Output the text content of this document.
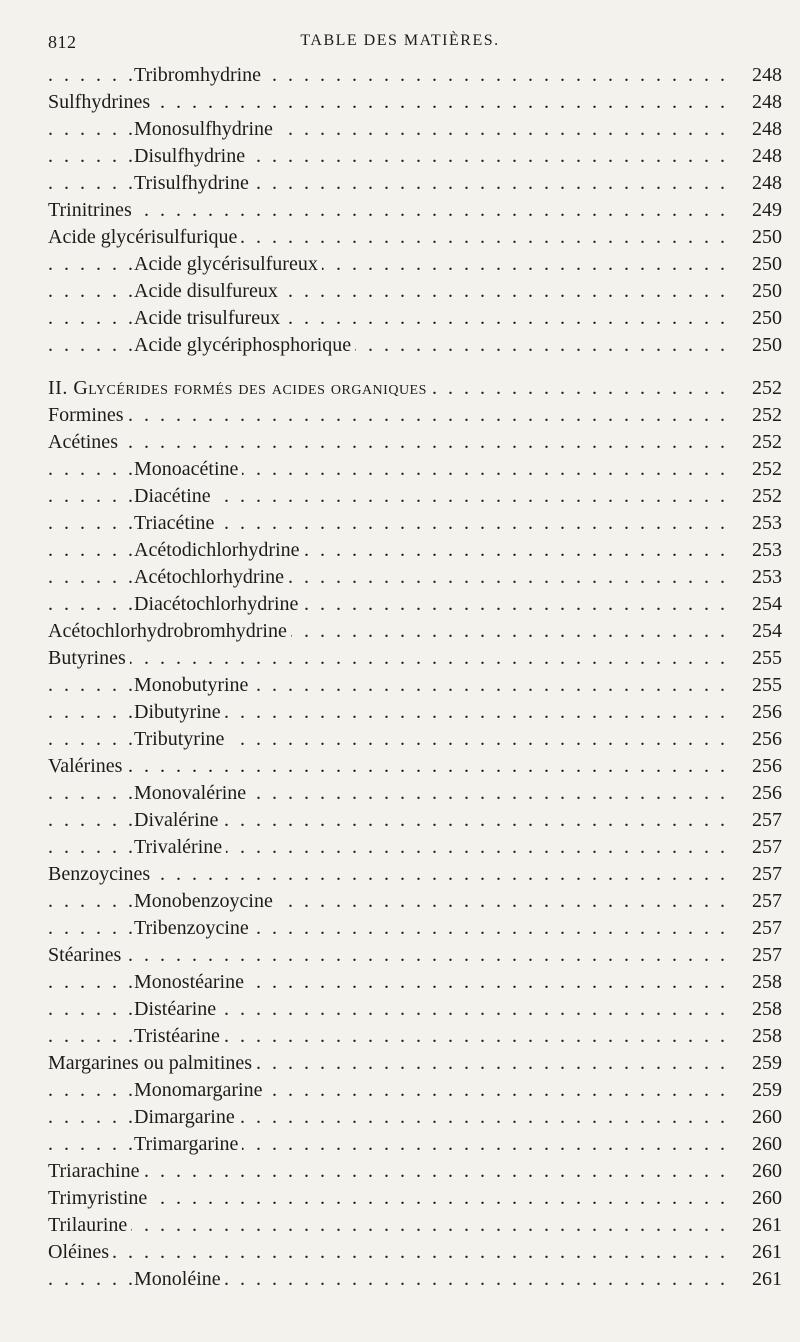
812	TABLE DES MATIÈRES.
Tribromhydrine	248
. . .
Sulfhydrines	248
. . .
Monosulfhydrine	248
. . .
Disulfhydrine	248
. . .
Trisulfhydrine	248
. . .
Trinitrines	249
. . .
Acide glycérisulfurique	250
. . .
Acide glycérisulfureux	250
. . .
Acide disulfureux	250
. . .
Acide trisulfureux	250
. . .
Acide glycériphosphorique	250
. . .
II. Glycérides formés des acides organiques	252
. . .
Formines	252
. . .
Acétines	252
. . .
Monoacétine	252
. . .
Diacétine	252
. . .
Triacétine	253
. . .
Acétodichlorhydrine	253
. . .
Acétochlorhydrine	253
. . .
Diacétochlorhydrine	254
. . .
Acétochlorhydrobromhydrine	254
. . .
Butyrines	255
. . .
Monobutyrine	255
. . .
Dibutyrine	256
. . .
Tributyrine	256
. . .
Valérines	256
. . .
Monovalérine	256
. . .
Divalérine	257
. . .
Trivalérine	257
. . .
Benzoycines	257
. . .
Monobenzoycine	257
. . .
Tribenzoycine	257
. . .
Stéarines	257
. . .
Monostéarine	258
. . .
Distéarine	258
. . .
Tristéarine	258
. . .
Margarines ou palmitines	259
. . .
Monomargarine	259
. . .
Dimargarine	260
. . .
Trimargarine	260
. . .
Triarachine	260
. . .
Trimyristine	260
. . .
Trilaurine	261
. . .
Oléines	261
. . .
Monoléine	261
. . .
